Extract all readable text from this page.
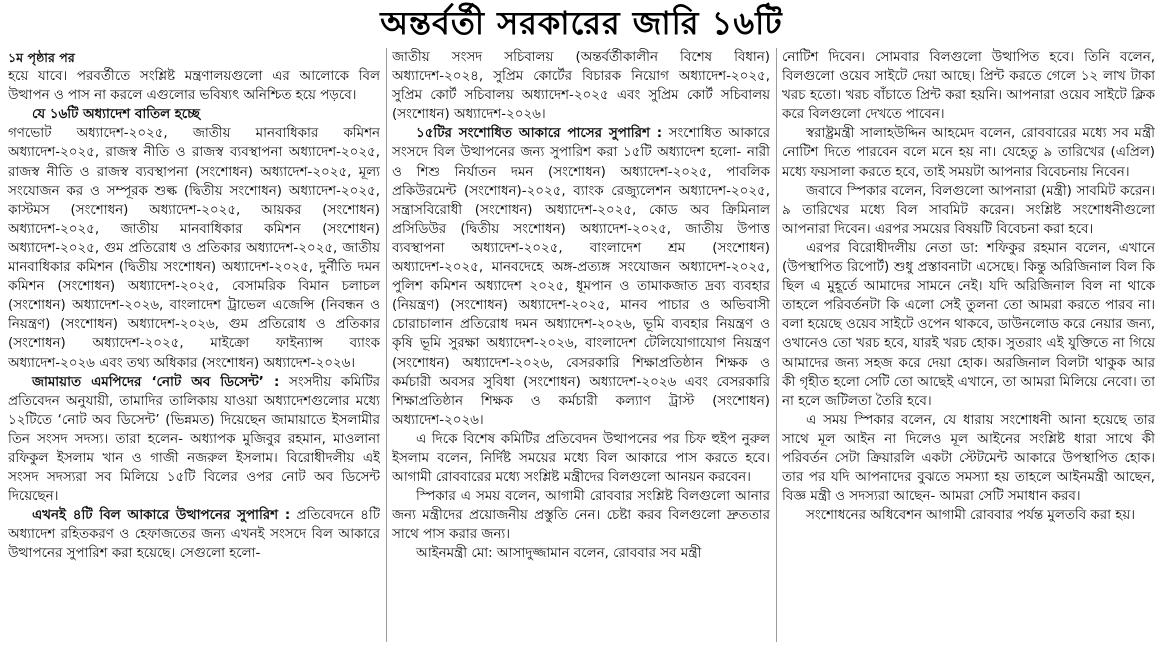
অন্তর্বর্তী সরকারের জারি ১৬টি

১ম পৃষ্ঠার পর

হয়ে যাবে। পরবর্তীতে সংশ্লিষ্ট মন্ত্রণালয়গুলো এর আলোকে বিল উত্থাপন ও পাস না করলে এগুলোর ভবিষ্যৎ অনিশ্চিত হয়ে পড়বে।

যে ১৬টি অধ্যাদেশ বাতিল হচ্ছে

গণভোট অধ্যাদেশ-২০২৫, জাতীয় মানবাধিকার কমিশন অধ্যাদেশ-২০২৫, রাজস্ব নীতি ও রাজস্ব ব্যবস্থাপনা অধ্যাদেশ-২০২৫, রাজস্ব নীতি ও রাজস্ব ব্যবস্থাপনা (সংশোধন) অধ্যাদেশ-২০২৫, মূল্য সংযোজন কর ও সম্পূরক শুল্ক (দ্বিতীয় সংশোধন) অধ্যাদেশ-২০২৫, কাস্টমস (সংশোধন) অধ্যাদেশ-২০২৫, আয়কর (সংশোধন) অধ্যাদেশ-২০২৫, জাতীয় মানবাধিকার কমিশন (সংশোধন) অধ্যাদেশ-২০২৫, গুম প্রতিরোধ ও প্রতিকার অধ্যাদেশ-২০২৫, জাতীয় মানবাধিকার কমিশন (দ্বিতীয় সংশোধন) অধ্যাদেশ-২০২৫, দুর্নীতি দমন কমিশন (সংশোধন) অধ্যাদেশ-২০২৫, বেসামরিক বিমান চলাচল (সংশোধন) অধ্যাদেশ-২০২৬, বাংলাদেশ ট্রাভেল এজেন্সি (নিবন্ধন ও নিয়ন্ত্রণ) (সংশোধন) অধ্যাদেশ-২০২৬, গুম প্রতিরোধ ও প্রতিকার (সংশোধন) অধ্যাদেশ-২০২৫, মাইক্রো ফাইন্যান্স ব্যাংক অধ্যাদেশ-২০২৬ এবং তথ্য অধিকার (সংশোধন) অধ্যাদেশ-২০২৬।

জামায়াত এমপিদের ‘নোট অব ডিসেন্ট’ : সংসদীয় কমিটির প্রতিবেদন অনুযায়ী, তামাদির তালিকায় যাওয়া অধ্যাদেশগুলোর মধ্যে ১২টিতে ‘নোট অব ডিসেন্ট’ (ভিন্নমত) দিয়েছেন জামায়াতে ইসলামীর তিন সংসদ সদস্য। তারা হলেন- অধ্যাপক মুজিবুর রহমান, মাওলানা রফিকুল ইসলাম খান ও গাজী নজরুল ইসলাম। বিরোধীদলীয় এই সংসদ সদস্যরা সব মিলিয়ে ১৫টি বিলের ওপর নোট অব ডিসেন্ট দিয়েছেন।

এখনই ৪টি বিল আকারে উত্থাপনের সুপারিশ : প্রতিবেদনে ৪টি অধ্যাদেশ রহিতকরণ ও হেফাজতের জন্য এখনই সংসদে বিল আকারে উত্থাপনের সুপারিশ করা হয়েছে। সেগুলো হলো-

জাতীয় সংসদ সচিবালয় (অন্তর্বর্তীকালীন বিশেষ বিধান) অধ্যাদেশ-২০২৪, সুপ্রিম কোর্টের বিচারক নিয়োগ অধ্যাদেশ-২০২৫, সুপ্রিম কোর্ট সচিবালয় অধ্যাদেশ-২০২৫ এবং সুপ্রিম কোর্ট সচিবালয় (সংশোধন) অধ্যাদেশ-২০২৬।

১৫টির সংশোধিত আকারে পাসের সুপারিশ : সংশোধিত আকারে সংসদে বিল উত্থাপনের জন্য সুপারিশ করা ১৫টি অধ্যাদেশ হলো- নারী ও শিশু নির্যাতন দমন (সংশোধন) অধ্যাদেশ-২০২৫, পাবলিক প্রকিউরমেন্ট (সংশোধন)-২০২৫, ব্যাংক রেজ্যুলেশন অধ্যাদেশ-২০২৫, সন্ত্রাসবিরোধী (সংশোধন) অধ্যাদেশ-২০২৫, কোড অব ক্রিমিনাল প্রসিডিউর (দ্বিতীয় সংশোধন) অধ্যাদেশ-২০২৫, জাতীয় উপাত্ত ব্যবস্থাপনা অধ্যাদেশ-২০২৫, বাংলাদেশ শ্রম (সংশোধন) অধ্যাদেশ-২০২৫, মানবদেহে অঙ্গ-প্রত্যঙ্গ সংযোজন অধ্যাদেশ-২০২৫, পুলিশ কমিশন অধ্যাদেশ ২০২৫, ধূমপান ও তামাকজাত দ্রব্য ব্যবহার (নিয়ন্ত্রণ) (সংশোধন) অধ্যাদেশ-২০২৫, মানব পাচার ও অভিবাসী চোরাচালান প্রতিরোধ দমন অধ্যাদেশ-২০২৬, ভূমি ব্যবহার নিয়ন্ত্রণ ও কৃষি ভূমি সুরক্ষা অধ্যাদেশ-২০২৬, বাংলাদেশ টেলিযোগাযোগ নিয়ন্ত্রণ (সংশোধন) অধ্যাদেশ-২০২৬, বেসরকারি শিক্ষাপ্রতিষ্ঠান শিক্ষক ও কর্মচারী অবসর সুবিধা (সংশোধন) অধ্যাদেশ-২০২৬ এবং বেসরকারি শিক্ষাপ্রতিষ্ঠান শিক্ষক ও কর্মচারী কল্যাণ ট্রাস্ট (সংশোধন) অধ্যাদেশ-২০২৬।

এ দিকে বিশেষ কমিটির প্রতিবেদন উত্থাপনের পর চিফ হুইপ নুরুল ইসলাম বলেন, নির্দিষ্ট সময়ের মধ্যে বিল আকারে পাস করতে হবে। আগামী রোববারের মধ্যে সংশ্লিষ্ট মন্ত্রীদের বিলগুলো আনয়ন করবেন।

স্পিকার এ সময় বলেন, আগামী রোববার সংশ্লিষ্ট বিলগুলো আনার জন্য মন্ত্রীদের প্রয়োজনীয় প্রস্তুতি নেন। চেষ্টা করব বিলগুলো দ্রুততার সাথে পাস করার জন্য।

আইনমন্ত্রী মো: আসাদুজ্জামান বলেন, রোববার সব মন্ত্রী

নোটিশ দিবেন। সোমবার বিলগুলো উত্থাপিত হবে। তিনি বলেন, বিলগুলো ওয়েব সাইটে দেয়া আছে। প্রিন্ট করতে গেলে ১২ লাখ টাকা খরচ হতো। খরচ বাঁচাতে প্রিন্ট করা হয়নি। আপনারা ওয়েব সাইটে ক্লিক করে বিলগুলো দেখতে পাবেন।

স্বরাষ্ট্রমন্ত্রী সালাহউদ্দিন আহমেদ বলেন, রোববারের মধ্যে সব মন্ত্রী নোটিশ দিতে পারবেন বলে মনে হয় না। যেহেতু ৯ তারিখের (এপ্রিল) মধ্যে ফয়সালা করতে হবে, তাই সময়টা আপনার বিবেচনায় নিবেন।

জবাবে স্পিকার বলেন, বিলগুলো আপনারা (মন্ত্রী) সাবমিট করেন। ৯ তারিখের মধ্যে বিল সাবমিট করেন। সংশ্লিষ্ট সংশোধনীগুলো আপনারা দিবেন। এরপর সময়ের বিষয়টি বিবেচনা করা হবে।

এরপর বিরোধীদলীয় নেতা ডা: শফিকুর রহমান বলেন, এখানে (উপস্থাপিত রিপোর্ট) শুধু প্রস্তাবনাটা এসেছে। কিন্তু অরিজিনাল বিল কি ছিল এ মুহূর্তে আমাদের সামনে নেই। যদি অরিজিনাল বিল না থাকে তাহলে পরিবর্তনটা কি এলো সেই তুলনা তো আমরা করতে পারব না। বলা হয়েছে ওয়েব সাইটে ওপেন থাকবে, ডাউনলোড করে নেয়ার জন্য, ওখানেও তো খরচ হবে, যারই খরচ হোক। সুতরাং এই যুক্তিতে না গিয়ে আমাদের জন্য সহজ করে দেয়া হোক। অরজিনাল বিলটা থাকুক আর কী গৃহীত হলো সেটি তো আছেই এখানে, তা আমরা মিলিয়ে নেবো। তা না হলে জটিলতা তৈরি হবে।

এ সময় স্পিকার বলেন, যে ধারায় সংশোধনী আনা হয়েছে তার সাথে মূল আইন না দিলেও মূল আইনের সংশ্লিষ্ট ধারা সাথে কী পরিবর্তন সেটা ক্রিয়ারলি একটা স্টেটমেন্ট আকারে উপস্থাপিত হোক। তার পর যদি আপনাদের বুঝতে সমস্যা হয় তাহলে আইনমন্ত্রী আছেন, বিজ্ঞ মন্ত্রী ও সদস্যরা আছেন- আমরা সেটি সমাধান করব।

সংশোধনের অধিবেশন আগামী রোববার পর্যন্ত মুলতবি করা হয়।
